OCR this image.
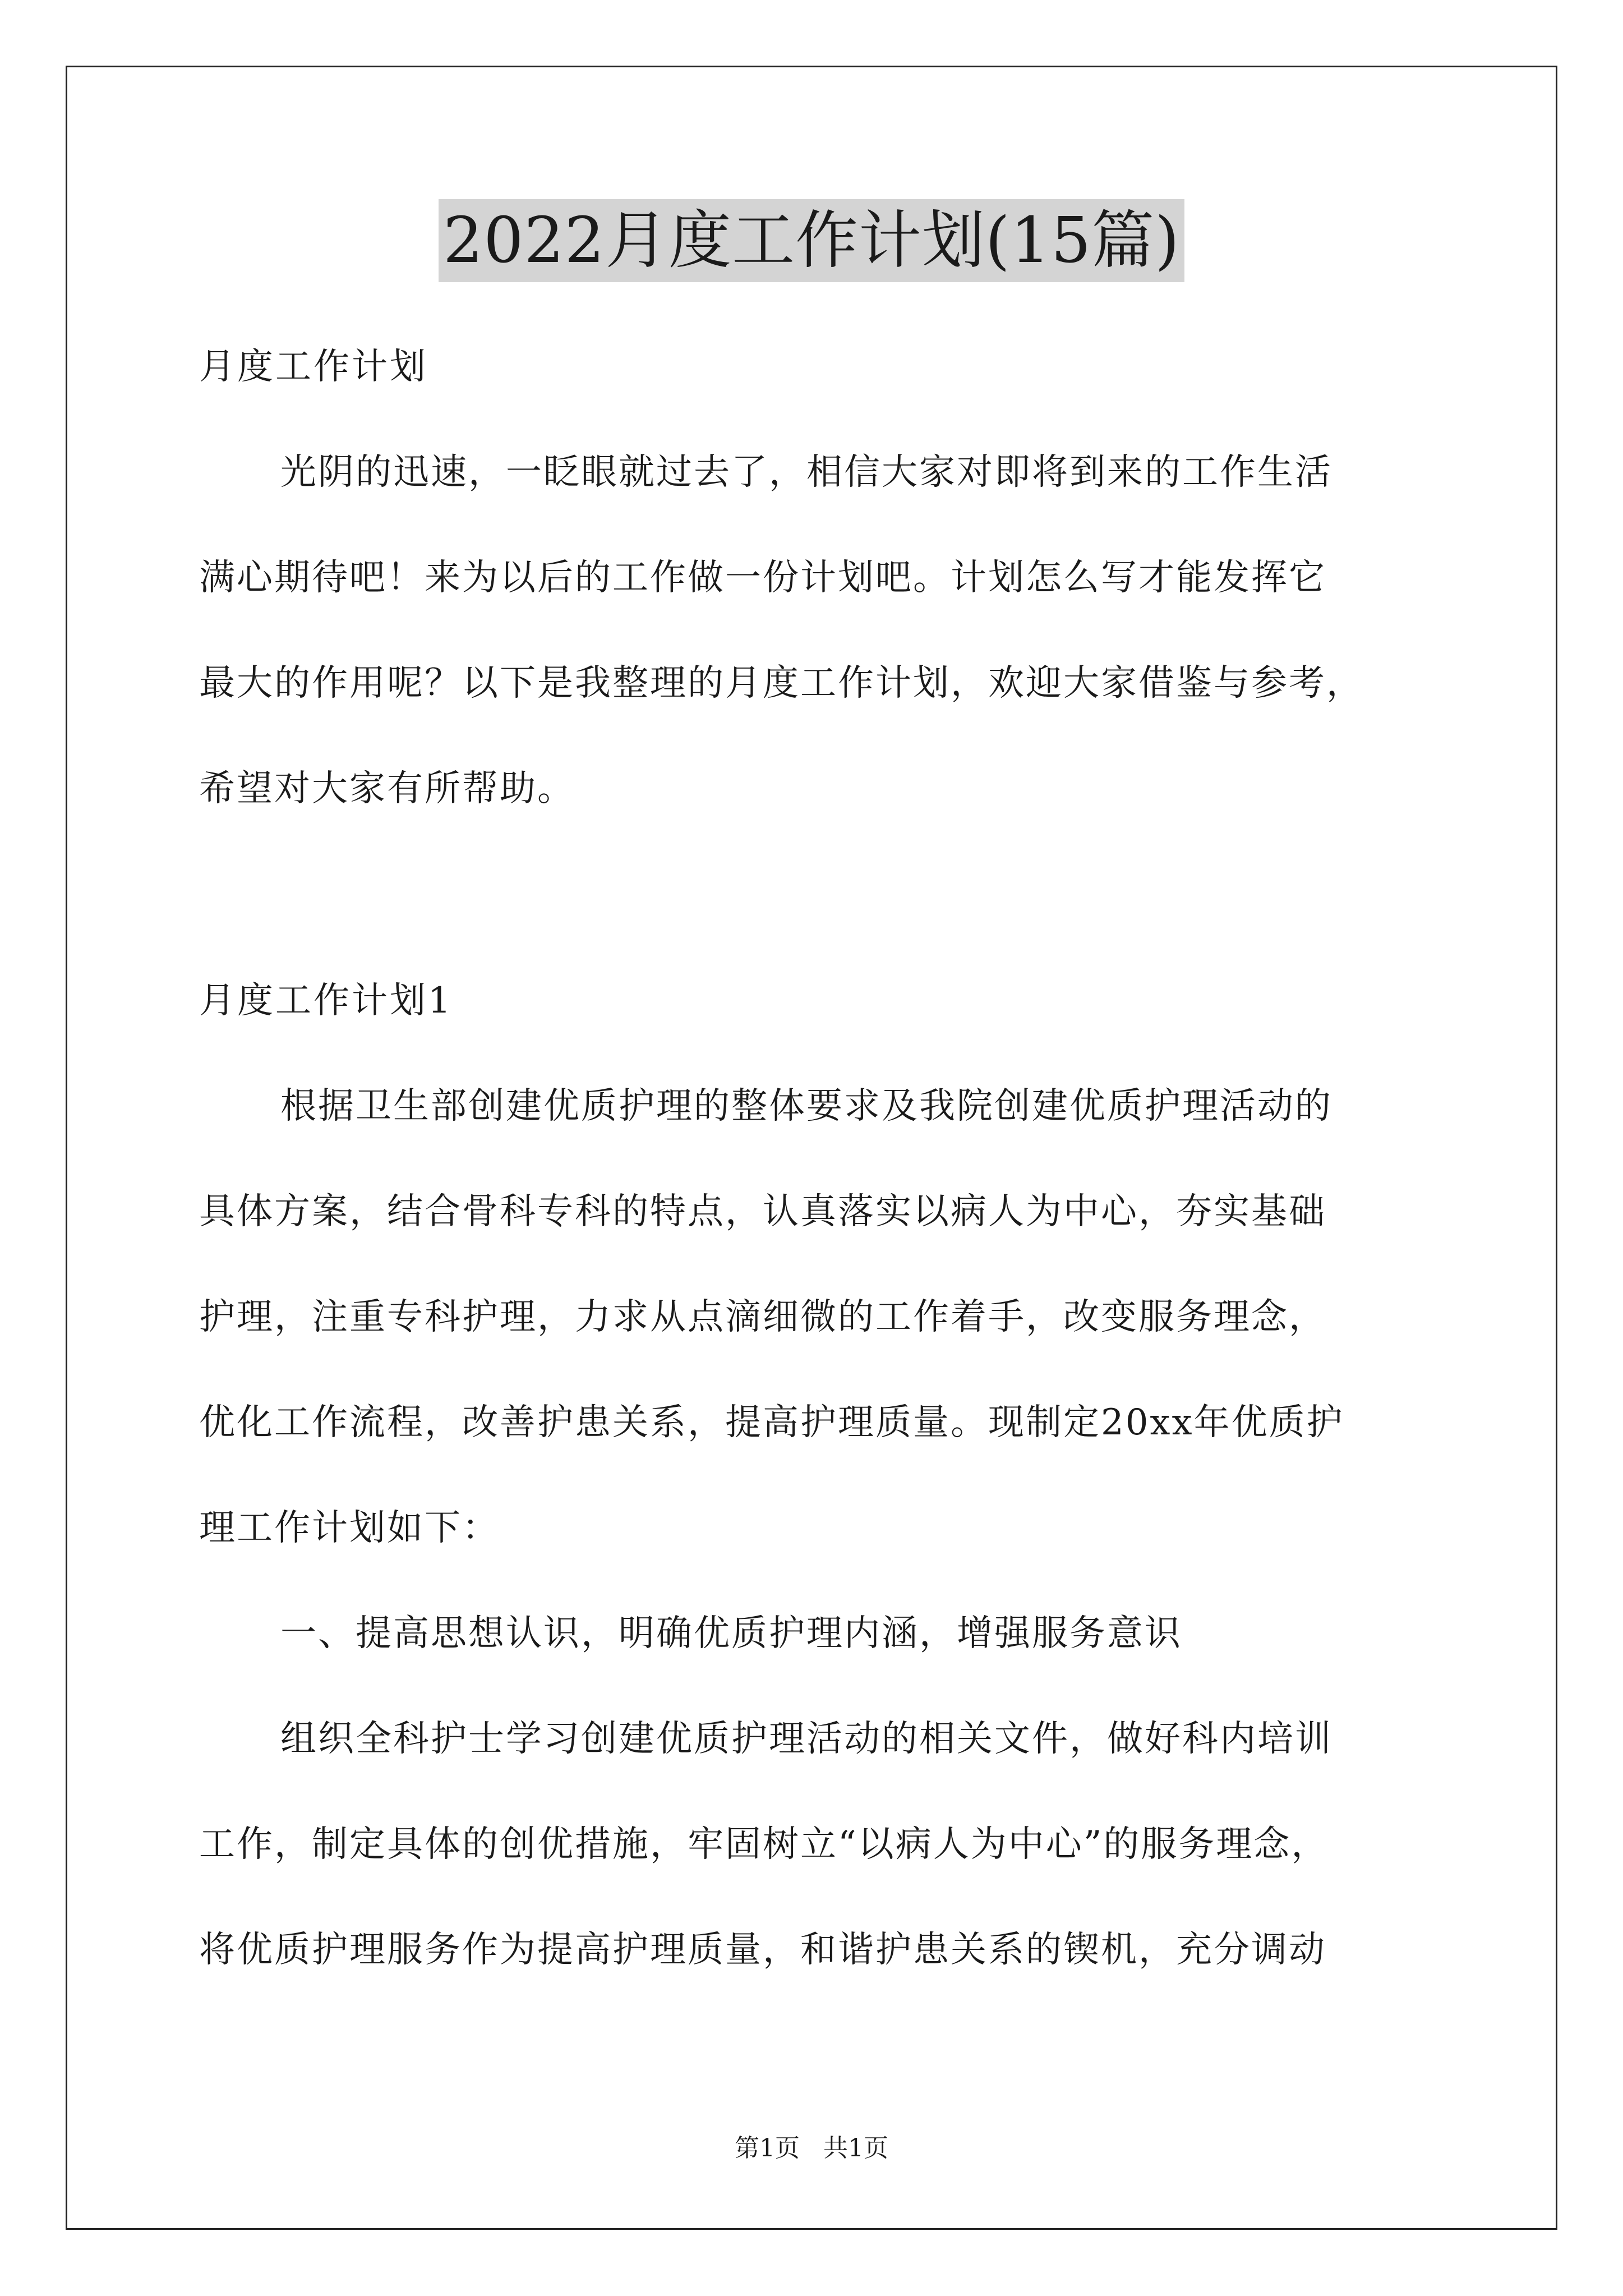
2022月度工作计划(15篇)
月度工作计划
光阴的迅速，一眨眼就过去了，相信大家对即将到来的工作生活
满心期待吧！来为以后的工作做一份计划吧。计划怎么写才能发挥它
最大的作用呢？以下是我整理的月度工作计划，欢迎大家借鉴与参考，
希望对大家有所帮助。
月度工作计划1
根据卫生部创建优质护理的整体要求及我院创建优质护理活动的
具体方案，结合骨科专科的特点，认真落实以病人为中心，夯实基础
护理，注重专科护理，力求从点滴细微的工作着手，改变服务理念，
优化工作流程，改善护患关系，提高护理质量。现制定20xx年优质护
理工作计划如下：
一、提高思想认识，明确优质护理内涵，增强服务意识
组织全科护士学习创建优质护理活动的相关文件，做好科内培训
工作，制定具体的创优措施，牢固树立“以病人为中心”的服务理念，
将优质护理服务作为提高护理质量，和谐护患关系的锲机，充分调动
第1页 共1页
